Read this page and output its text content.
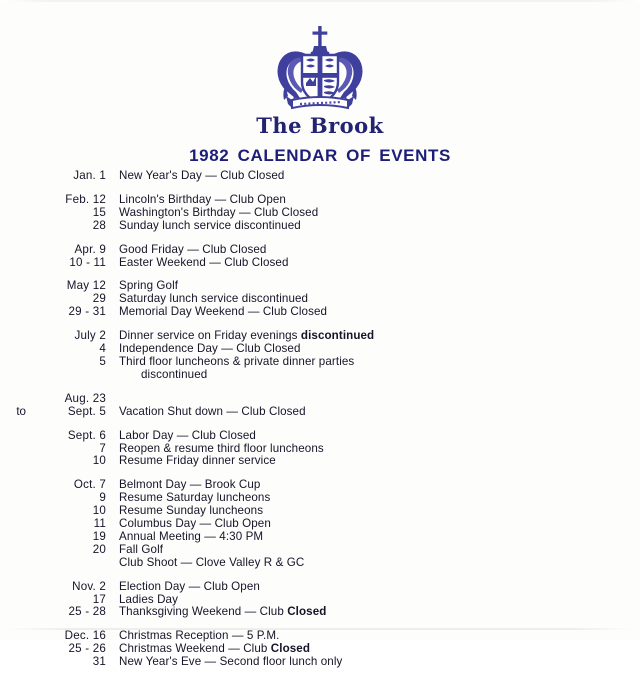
The Brook
1982 CALENDAR OF EVENTS
Jan. 1 New Year's Day — Club Closed
Feb. 12 Lincoln's Birthday — Club Open
15 Washington's Birthday — Club Closed
28 Sunday lunch service discontinued
Apr. 9 Good Friday — Club Closed
10 - 11 Easter Weekend — Club Closed
May 12 Spring Golf
29 Saturday lunch service discontinued
29 - 31 Memorial Day Weekend — Club Closed
July 2 Dinner service on Friday evenings discontinued
4 Independence Day — Club Closed
5 Third floor luncheons & private dinner parties
discontinued
Aug. 23
to	Sept. 5 Vacation Shut down — Club Closed
Sept. 6 Labor Day — Club Closed
7 Reopen & resume third floor luncheons
10 Resume Friday dinner service
Oct. 7 Belmont Day — Brook Cup
9 Resume Saturday luncheons
10 Resume Sunday luncheons
11 Columbus Day — Club Open
19 Annual Meeting — 4:30 PM
20 Fall Golf
Club Shoot — Clove Valley R & GC
Nov. 2 Election Day — Club Open
17 Ladies Day
25 - 28 Thanksgiving Weekend — Club Closed
Dec. 16 Christmas Reception — 5 P.M.
25 - 26 Christmas Weekend — Club Closed
31 New Year's Eve — Second floor lunch only
